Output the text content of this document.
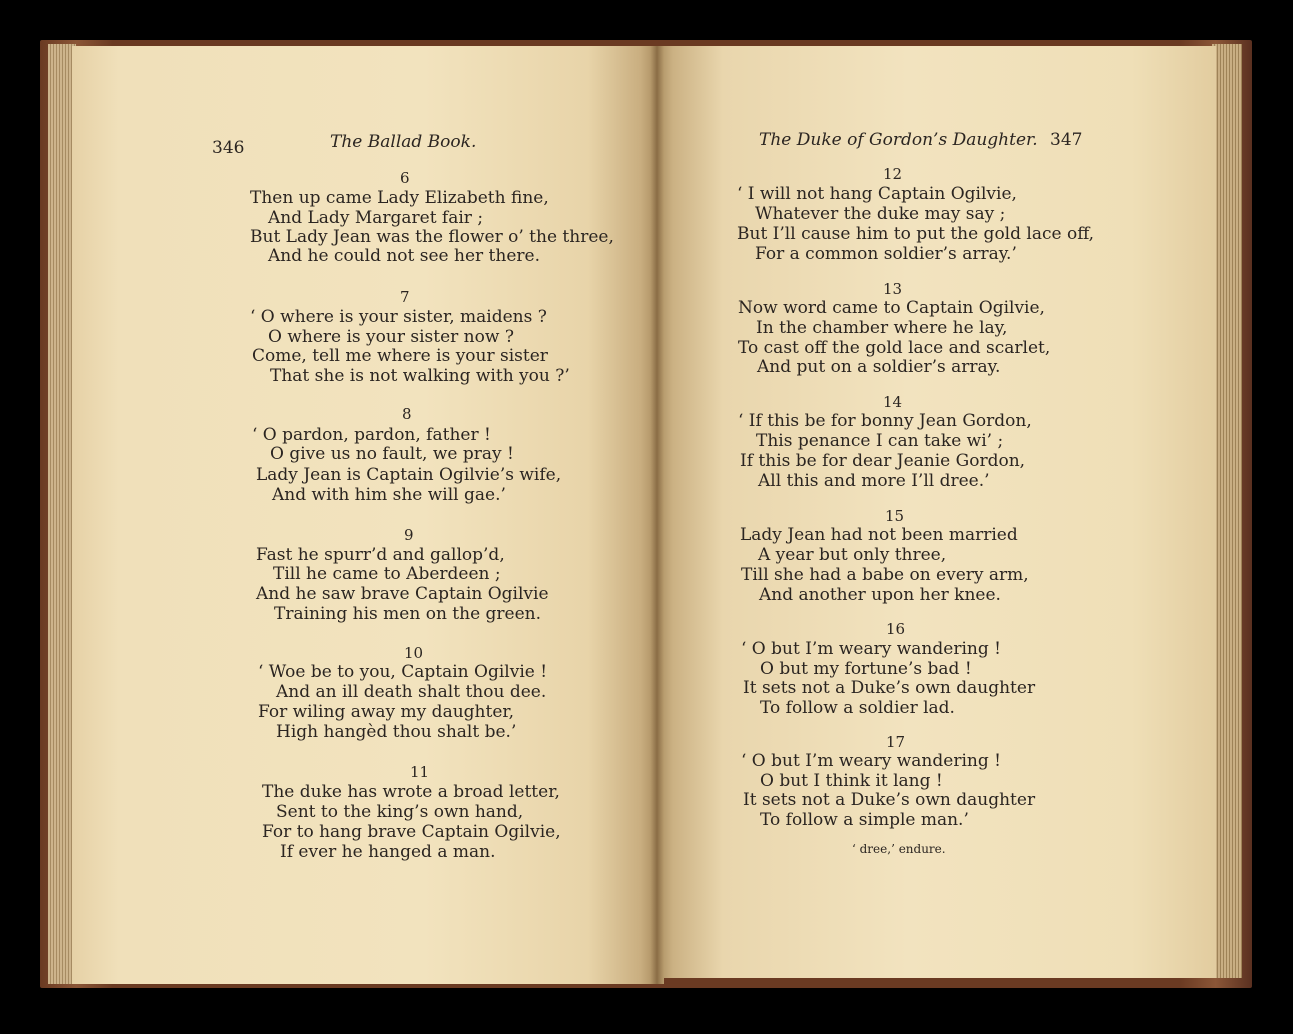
346	The Ballad Book.	The Duke of Gordon’s Daughter. 347
6
Then up came Lady Elizabeth fine,
And Lady Margaret fair ;
But Lady Jean was the flower o’ the three,
And he could not see her there.
7
‘ O where is your sister, maidens ?
O where is your sister now ?
Come, tell me where is your sister
That she is not walking with you ?’
8
‘ O pardon, pardon, father !
O give us no fault, we pray !
Lady Jean is Captain Ogilvie’s wife,
And with him she will gae.’
9
Fast he spurr’d and gallop’d,
Till he came to Aberdeen ;
And he saw brave Captain Ogilvie
Training his men on the green.
10
‘ Woe be to you, Captain Ogilvie !
And an ill death shalt thou dee.
For wiling away my daughter,
High hangèd thou shalt be.’
11
The duke has wrote a broad letter,
Sent to the king’s own hand,
For to hang brave Captain Ogilvie,
If ever he hanged a man.
12
‘ I will not hang Captain Ogilvie,
Whatever the duke may say ;
But I’ll cause him to put the gold lace off,
For a common soldier’s array.’
13
Now word came to Captain Ogilvie,
In the chamber where he lay,
To cast off the gold lace and scarlet,
And put on a soldier’s array.
14
‘ If this be for bonny Jean Gordon,
This penance I can take wi’ ;
If this be for dear Jeanie Gordon,
All this and more I’ll dree.’
15
Lady Jean had not been married
A year but only three,
Till she had a babe on every arm,
And another upon her knee.
16
‘ O but I’m weary wandering !
O but my fortune’s bad !
It sets not a Duke’s own daughter
To follow a soldier lad.
17
‘ O but I’m weary wandering !
O but I think it lang !
It sets not a Duke’s own daughter
To follow a simple man.’
‘ dree,’ endure.
